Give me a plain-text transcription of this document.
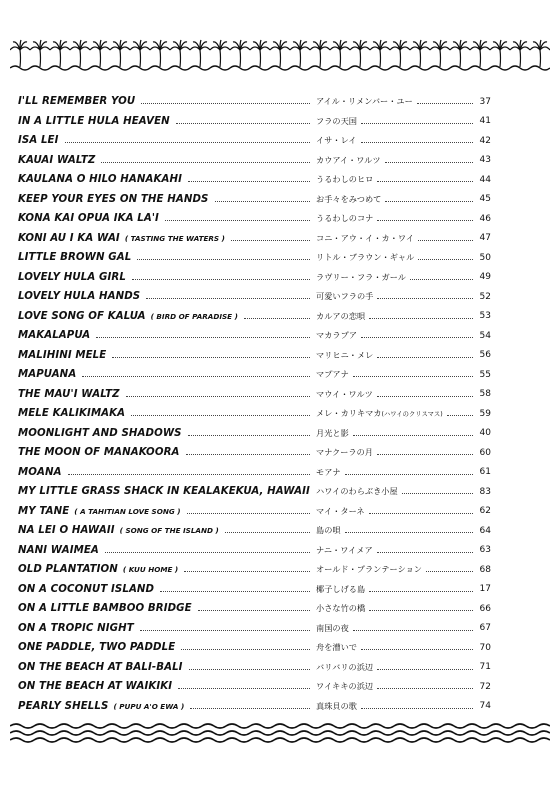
I'LL REMEMBER YOU	アイル・リメンバー・ユー	37
IN A LITTLE HULA HEAVEN	フラの天国	41
ISA LEI	イサ・レイ	42
KAUAI WALTZ	カウアイ・ワルツ	43
KAULANA O HILO HANAKAHI	うるわしのヒロ	44
KEEP YOUR EYES ON THE HANDS	お手々をみつめて	45
KONA KAI OPUA IKA LA'I	うるわしのコナ	46
KONI AU I KA WAI ( TASTING THE WATERS )	コニ・アウ・イ・カ・ワイ	47
LITTLE BROWN GAL	リトル・ブラウン・ギャル	50
LOVELY HULA GIRL	ラヴリー・フラ・ガール	49
LOVELY HULA HANDS	可愛いフラの手	52
LOVE SONG OF KALUA ( BIRD OF PARADISE )	カルアの恋唄	53
MAKALAPUA	マカラプア	54
MALIHINI MELE	マリヒニ・メレ	56
MAPUANA	マプアナ	55
THE MAU'I WALTZ	マウイ・ワルツ	58
MELE KALIKIMAKA	メレ・カリキマカ (ハワイのクリスマス)	59
MOONLIGHT AND SHADOWS	月光と影	40
THE MOON OF MANAKOORA	マナクーラの月	60
MOANA	モアナ	61
MY LITTLE GRASS SHACK IN KEALAKEKUA, HAWAII ハワイのわらぶき小屋	83
MY TANE ( A TAHITIAN LOVE SONG )	マイ・ターネ	62
NA LEI O HAWAII ( SONG OF THE ISLAND )	島の唄	64
NANI WAIMEA	ナニ・ワイメア	63
OLD PLANTATION ( KUU HOME )	オールド・プランテーション	68
ON A COCONUT ISLAND	椰子しげる島	17
ON A LITTLE BAMBOO BRIDGE	小さな竹の橋	66
ON A TROPIC NIGHT	南国の夜	67
ONE PADDLE, TWO PADDLE	舟を漕いで	70
ON THE BEACH AT BALI-BALI	バリバリの浜辺	71
ON THE BEACH AT WAIKIKI	ワイキキの浜辺	72
PEARLY SHELLS ( PUPU A'O EWA )	真珠貝の歌	74
